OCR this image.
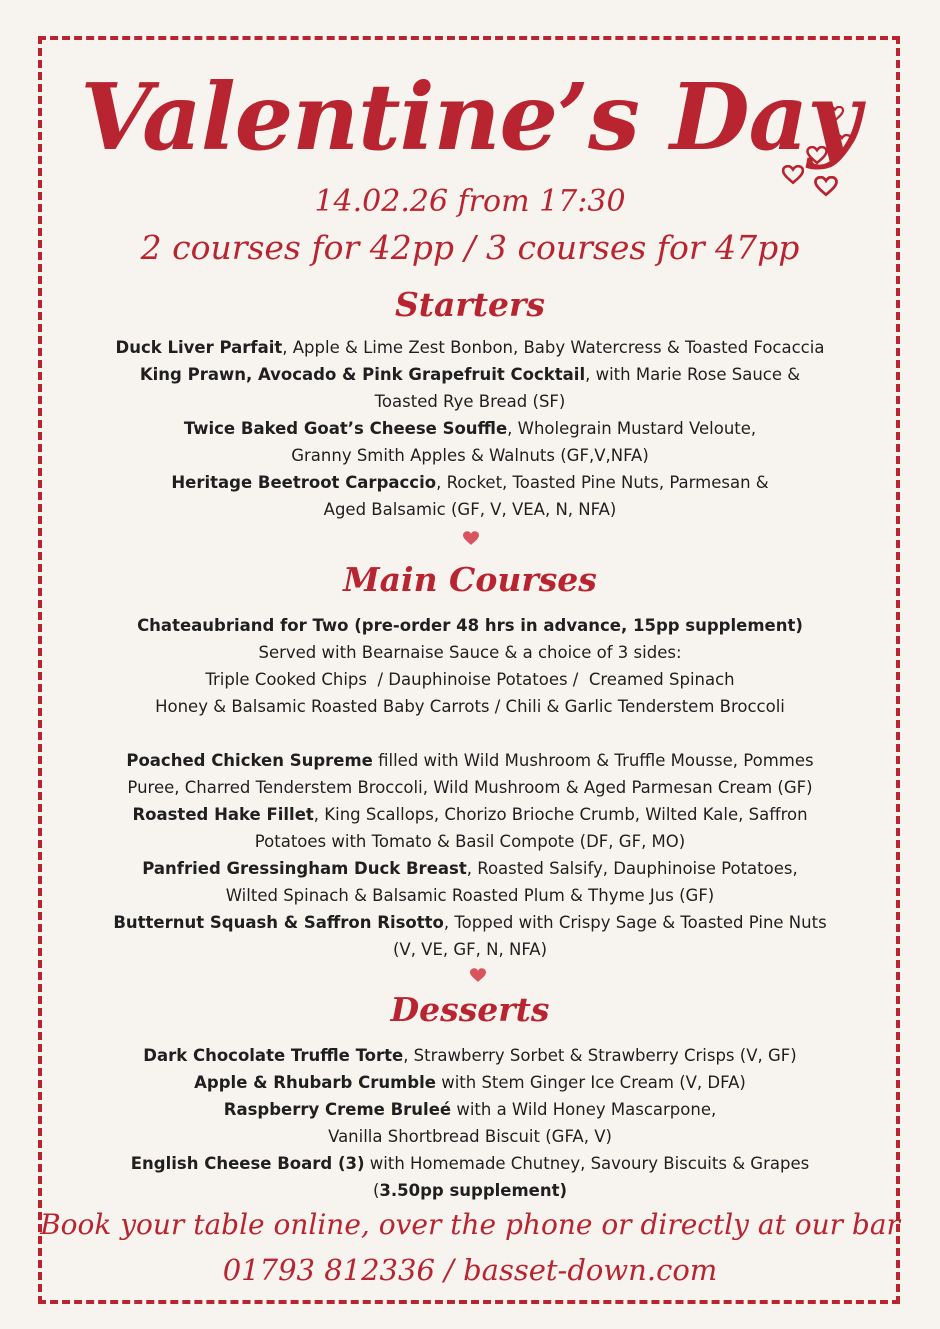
Valentine’s Day
14.02.26 from 17:30
2 courses for 42pp / 3 courses for 47pp
Starters

Duck Liver Parfait, Apple & Lime Zest Bonbon, Baby Watercress & Toasted Focaccia

King Prawn, Avocado & Pink Grapefruit Cocktail, with Marie Rose Sauce &

Toasted Rye Bread (SF)

Twice Baked Goat’s Cheese Souffle, Wholegrain Mustard Veloute,

Granny Smith Apples & Walnuts (GF,V,NFA)

Heritage Beetroot Carpaccio, Rocket, Toasted Pine Nuts, Parmesan &

Aged Balsamic (GF, V, VEA, N, NFA)

Main Courses

Chateaubriand for Two (pre-order 48 hrs in advance, 15pp supplement)

Served with Bearnaise Sauce & a choice of 3 sides:

Triple Cooked Chips  / Dauphinoise Potatoes /  Creamed Spinach

Honey & Balsamic Roasted Baby Carrots / Chili & Garlic Tenderstem Broccoli

Poached Chicken Supreme filled with Wild Mushroom & Truffle Mousse, Pommes

Puree, Charred Tenderstem Broccoli, Wild Mushroom & Aged Parmesan Cream (GF)

Roasted Hake Fillet, King Scallops, Chorizo Brioche Crumb, Wilted Kale, Saffron

Potatoes with Tomato & Basil Compote (DF, GF, MO)

Panfried Gressingham Duck Breast, Roasted Salsify, Dauphinoise Potatoes,

Wilted Spinach & Balsamic Roasted Plum & Thyme Jus (GF)

Butternut Squash & Saffron Risotto, Topped with Crispy Sage & Toasted Pine Nuts

(V, VE, GF, N, NFA)

Desserts

Dark Chocolate Truffle Torte, Strawberry Sorbet & Strawberry Crisps (V, GF)

Apple & Rhubarb Crumble with Stem Ginger Ice Cream (V, DFA)

Raspberry Creme Bruleé with a Wild Honey Mascarpone,

Vanilla Shortbread Biscuit (GFA, V)

English Cheese Board (3) with Homemade Chutney, Savoury Biscuits & Grapes

(3.50pp supplement)

Book your table online, over the phone or directly at our bar
01793 812336 / basset-down.com
